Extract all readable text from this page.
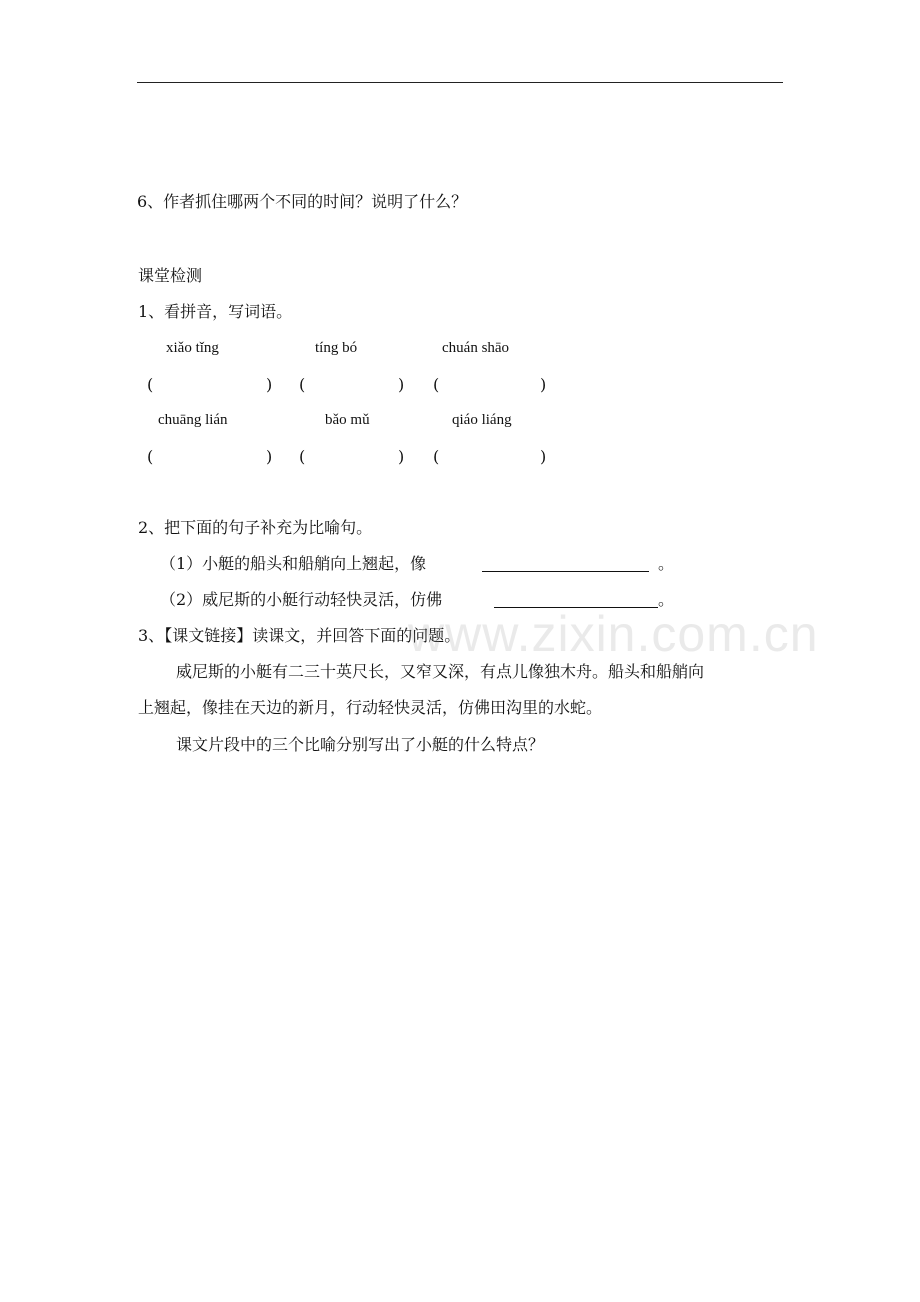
6、作者抓住哪两个不同的时间？说明了什么？
课堂检测
1、看拼音，写词语。
xiǎo tǐng	tíng bó	chuán shāo
(	) (	) (	)
chuāng lián	bǎo mǔ	qiáo liáng
(	) (	) (	)
2、把下面的句子补充为比喻句。
（1）小艇的船头和船艄向上翘起，像	。
（2）威尼斯的小艇行动轻快灵活，仿佛	。
3、【课文链接】读课文，并回答下面的问题。
威尼斯的小艇有二三十英尺长，又窄又深，有点儿像独木舟。船头和船艄向
上翘起，像挂在天边的新月，行动轻快灵活，仿佛田沟里的水蛇。
课文片段中的三个比喻分别写出了小艇的什么特点？
www.zixin.com.cn
